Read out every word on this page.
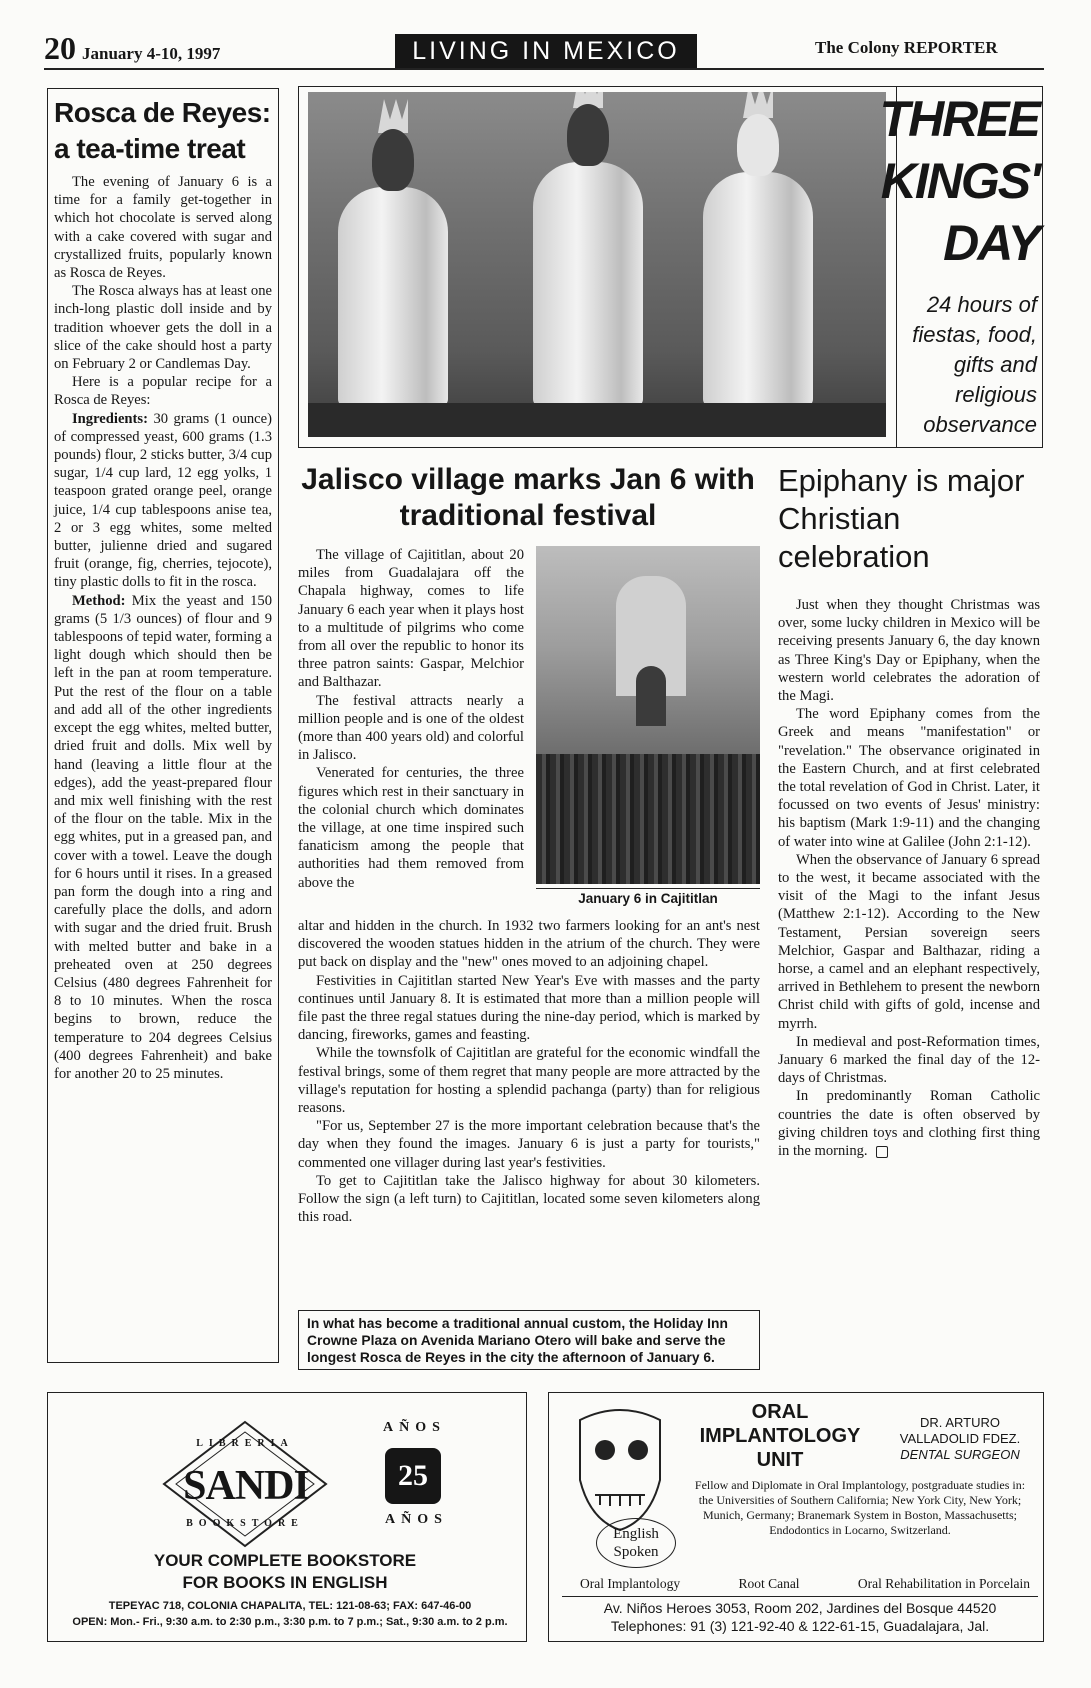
20 January 4-10, 1997	LIVING IN MEXICO	The Colony REPORTER
Rosca de Reyes: a tea-time treat

The evening of January 6 is a time for a family get-together in which hot chocolate is served along with a cake covered with sugar and crystallized fruits, popularly known as Rosca de Reyes.

The Rosca always has at least one inch-long plastic doll inside and by tradition whoever gets the doll in a slice of the cake should host a party on February 2 or Candlemas Day.

Here is a popular recipe for a Rosca de Reyes:

Ingredients: 30 grams (1 ounce) of compressed yeast, 600 grams (1.3 pounds) flour, 2 sticks butter, 3/4 cup sugar, 1/4 cup lard, 12 egg yolks, 1 teaspoon grated orange peel, orange juice, 1/4 cup tablespoons anise tea, 2 or 3 egg whites, some melted butter, julienne dried and sugared fruit (orange, fig, cherries, tejocote), tiny plastic dolls to fit in the rosca.

Method: Mix the yeast and 150 grams (5 1/3 ounces) of flour and 9 tablespoons of tepid water, forming a light dough which should then be left in the pan at room temperature. Put the rest of the flour on a table and add all of the other ingredients except the egg whites, melted butter, dried fruit and dolls. Mix well by hand (leaving a little flour at the edges), add the yeast-prepared flour and mix well finishing with the rest of the flour on the table. Mix in the egg whites, put in a greased pan, and cover with a towel. Leave the dough for 6 hours until it rises. In a greased pan form the dough into a ring and carefully place the dolls, and adorn with sugar and the dried fruit. Brush with melted butter and bake in a preheated oven at 250 degrees Celsius (480 degrees Fahrenheit for 8 to 10 minutes. When the rosca begins to brown, reduce the temperature to 204 degrees Celsius (400 degrees Fahrenheit) and bake for another 20 to 25 minutes.

THREE
KINGS'
DAY
24 hours of fiestas, food, gifts and religious observance
Jalisco village marks Jan 6 with traditional festival

The village of Cajititlan, about 20 miles from Guadalajara off the Chapala highway, comes to life January 6 each year when it plays host to a multitude of pilgrims who come from all over the republic to honor its three patron saints: Gaspar, Melchior and Balthazar.

The festival attracts nearly a million people and is one of the oldest (more than 400 years old) and colorful in Jalisco.

Venerated for centuries, the three figures which rest in their sanctuary in the colonial church which dominates the village, at one time inspired such fanaticism among the people that authorities had them removed from above the

January 6 in Cajititlan

altar and hidden in the church. In 1932 two farmers looking for an ant's nest discovered the wooden statues hidden in the atrium of the church. They were put back on display and the "new" ones moved to an adjoining chapel.

Festivities in Cajititlan started New Year's Eve with masses and the party continues until January 8. It is estimated that more than a million people will file past the three regal statues during the nine-day period, which is marked by dancing, fireworks, games and feasting.

While the townsfolk of Cajititlan are grateful for the economic windfall the festival brings, some of them regret that many people are more attracted by the village's reputation for hosting a splendid pachanga (party) than for religious reasons.

"For us, September 27 is the more important celebration because that's the day when they found the images. January 6 is just a party for tourists," commented one villager during last year's festivities.

To get to Cajititlan take the Jalisco highway for about 30 kilometers. Follow the sign (a left turn) to Cajititlan, located some seven kilometers along this road.

In what has become a traditional annual custom, the Holiday Inn Crowne Plaza on Avenida Mariano Otero will bake and serve the longest Rosca de Reyes in the city the afternoon of January 6.
Epiphany is major Christian celebration

Just when they thought Christmas was over, some lucky children in Mexico will be receiving presents January 6, the day known as Three King's Day or Epiphany, when the western world celebrates the adoration of the Magi.

The word Epiphany comes from the Greek and means "manifestation" or "revelation." The observance originated in the Eastern Church, and at first celebrated the total revelation of God in Christ. Later, it focussed on two events of Jesus' ministry: his baptism (Mark 1:9-11) and the changing of water into wine at Galilee (John 2:1-12).

When the observance of January 6 spread to the west, it became associated with the visit of the Magi to the infant Jesus (Matthew 2:1-12). According to the New Testament, Persian sovereign seers Melchior, Gaspar and Balthazar, riding a horse, a camel and an elephant respectively, arrived in Bethlehem to present the newborn Christ child with gifts of gold, incense and myrrh.

In medieval and post-Reformation times, January 6 marked the final day of the 12-days of Christmas.

In predominantly Roman Catholic countries the date is often observed by giving children toys and clothing first thing in the morning.

LIBRERIA
SANDI
BOOKSTORE
AÑOS
25
AÑOS
YOUR COMPLETE BOOKSTORE
FOR BOOKS IN ENGLISH
TEPEYAC 718, COLONIA CHAPALITA, TEL: 121-08-63; FAX: 647-46-00
OPEN: Mon.- Fri., 9:30 a.m. to 2:30 p.m., 3:30 p.m. to 7 p.m.; Sat., 9:30 a.m. to 2 p.m.
ORAL
IMPLANTOLOGY
UNIT
DR. ARTURO
VALLADOLID FDEZ.
DENTAL SURGEON
Fellow and Diplomate in Oral Implantology, postgraduate studies in: the Universities of Southern California; New York City, New York; Munich, Germany; Branemark System in Boston, Massachusetts; Endodontics in Locarno, Switzerland.
English
Spoken
Oral Implantology	Root Canal	Oral Rehabilitation in Porcelain
Av. Niños Heroes 3053, Room 202, Jardines del Bosque 44520
Telephones: 91 (3) 121-92-40 & 122-61-15, Guadalajara, Jal.
